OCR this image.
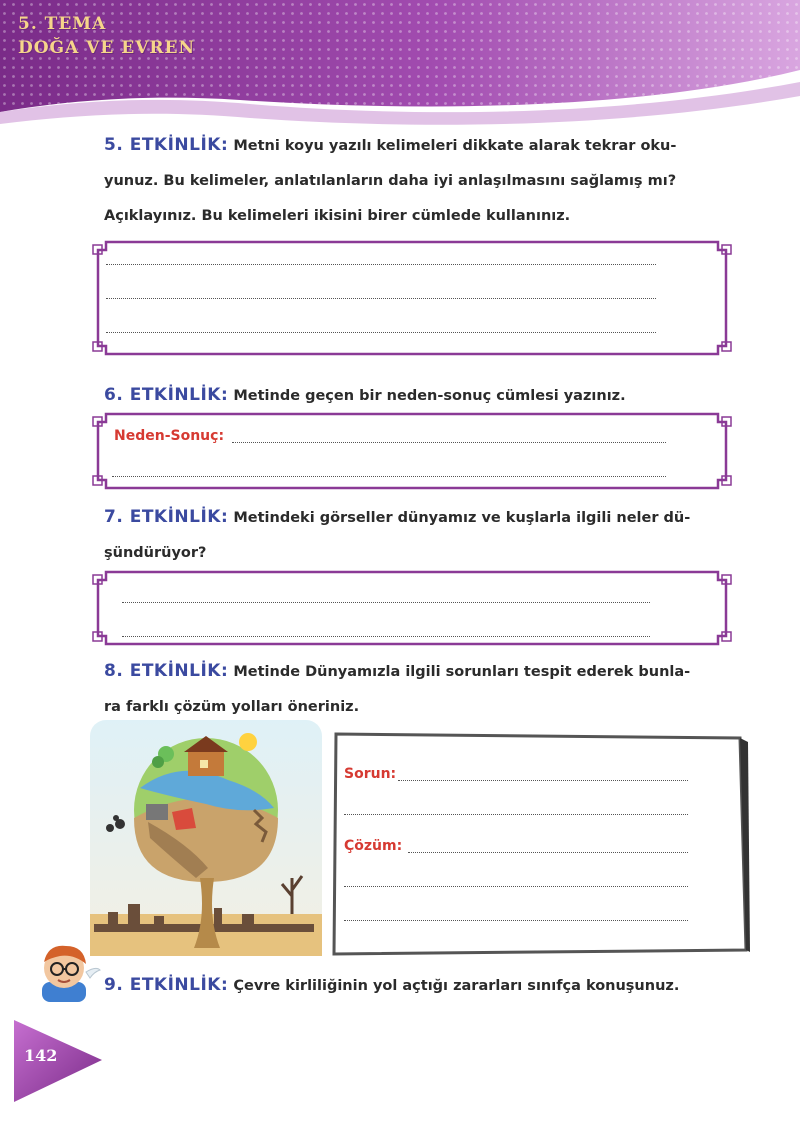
5. TEMA
DOĞA VE EVREN
5. ETKİNLİK: Metni koyu yazılı kelimeleri dikkate alarak tekrar oku-
yunuz. Bu kelimeler, anlatılanların daha iyi anlaşılmasını sağlamış mı?
Açıklayınız. Bu kelimeleri ikisini birer cümlede kullanınız.
6. ETKİNLİK: Metinde geçen bir neden-sonuç cümlesi yazınız.
Neden-Sonuç:
7. ETKİNLİK: Metindeki görseller dünyamız ve kuşlarla ilgili neler dü-
şündürüyor?
8. ETKİNLİK: Metinde Dünyamızla ilgili sorunları tespit ederek bunla-
ra farklı çözüm yolları öneriniz.
Sorun:
Çözüm:
9. ETKİNLİK: Çevre kirliliğinin yol açtığı zararları sınıfça konuşunuz.
142
